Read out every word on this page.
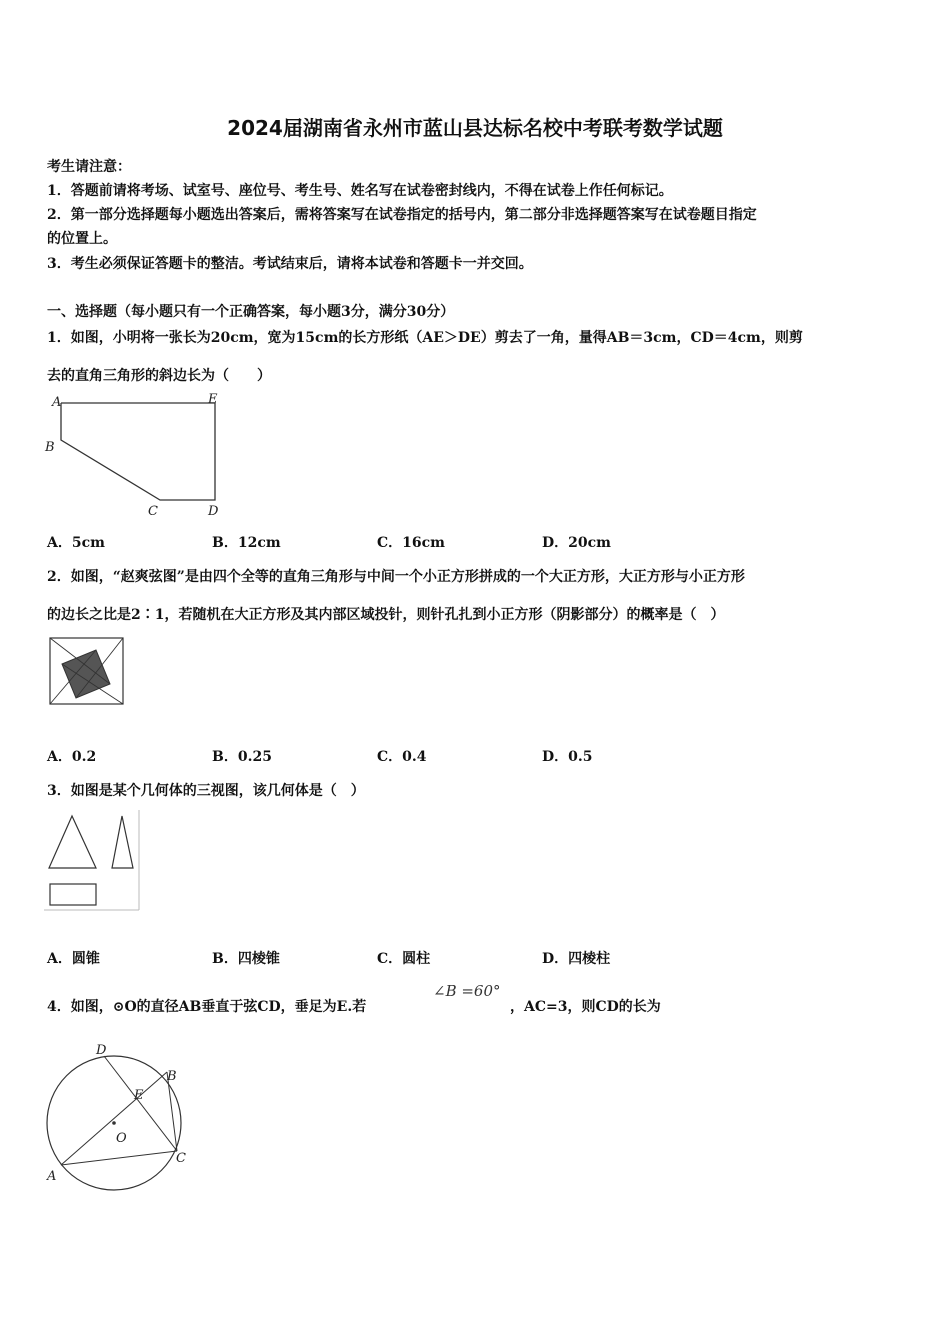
2024届湖南省永州市蓝山县达标名校中考联考数学试题
考生请注意：
1．答题前请将考场、试室号、座位号、考生号、姓名写在试卷密封线内，不得在试卷上作任何标记。
2．第一部分选择题每小题选出答案后，需将答案写在试卷指定的括号内，第二部分非选择题答案写在试卷题目指定
的位置上。
3．考生必须保证答题卡的整洁。考试结束后，请将本试卷和答题卡一并交回。
一、选择题（每小题只有一个正确答案，每小题3分，满分30分）
1．如图，小明将一张长为20cm，宽为15cm的长方形纸（AE＞DE）剪去了一角，量得AB＝3cm，CD＝4cm，则剪
去的直角三角形的斜边长为（　　）
A	E
B
C	D
A．5cm	B．12cm	C．16cm	D．20cm
2．如图，“赵爽弦图”是由四个全等的直角三角形与中间一个小正方形拼成的一个大正方形，大正方形与小正方形
的边长之比是2∶1，若随机在大正方形及其内部区域投针，则针孔扎到小正方形（阴影部分）的概率是（　）
A．0.2	B．0.25	C．0.4	D．0.5
3．如图是某个几何体的三视图，该几何体是（　）
A．圆锥	B．四棱锥	C．圆柱	D．四棱柱
4．如图，⊙O的直径AB垂直于弦CD，垂足为E.若
∠B =60°
，AC=3，则CD的长为
D
B
E
O
C
A
